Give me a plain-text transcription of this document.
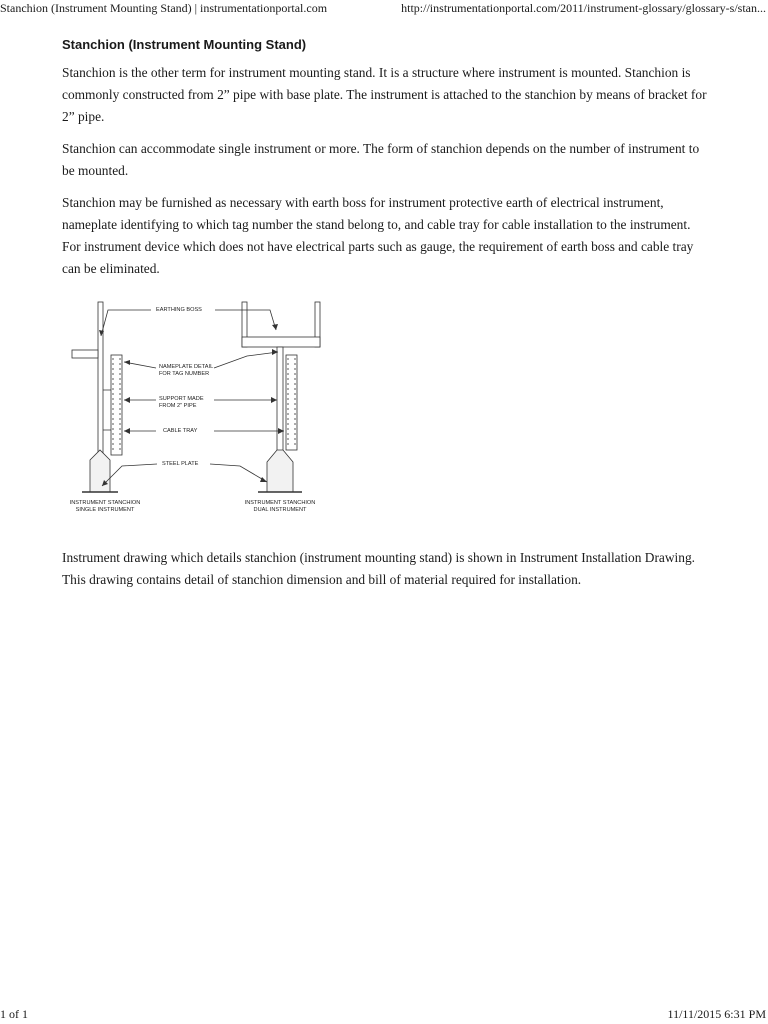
Stanchion (Instrument Mounting Stand) | instrumentationportal.com	http://instrumentationportal.com/2011/instrument-glossary/glossary-s/stan...
Stanchion (Instrument Mounting Stand)

Stanchion is the other term for instrument mounting stand. It is a structure where instrument is mounted. Stanchion is commonly constructed from 2” pipe with base plate. The instrument is attached to the stanchion by means of bracket for 2” pipe.

Stanchion can accommodate single instrument or more. The form of stanchion depends on the number of instrument to be mounted.

Stanchion may be furnished as necessary with earth boss for instrument protective earth of electrical instrument, nameplate identifying to which tag number the stand belong to, and cable tray for cable installation to the instrument. For instrument device which does not have electrical parts such as gauge, the requirement of earth boss and cable tray can be eliminated.

EARTHING BOSS
NAMEPLATE DETAIL
FOR TAG NUMBER
SUPPORT MADE
FROM 2" PIPE
CABLE TRAY
STEEL PLATE
INSTRUMENT STANCHION
SINGLE INSTRUMENT
INSTRUMENT STANCHION
DUAL INSTRUMENT

Instrument drawing which details stanchion (instrument mounting stand) is shown in Instrument Installation Drawing. This drawing contains detail of stanchion dimension and bill of material required for installation.

1 of 1	11/11/2015 6:31 PM
